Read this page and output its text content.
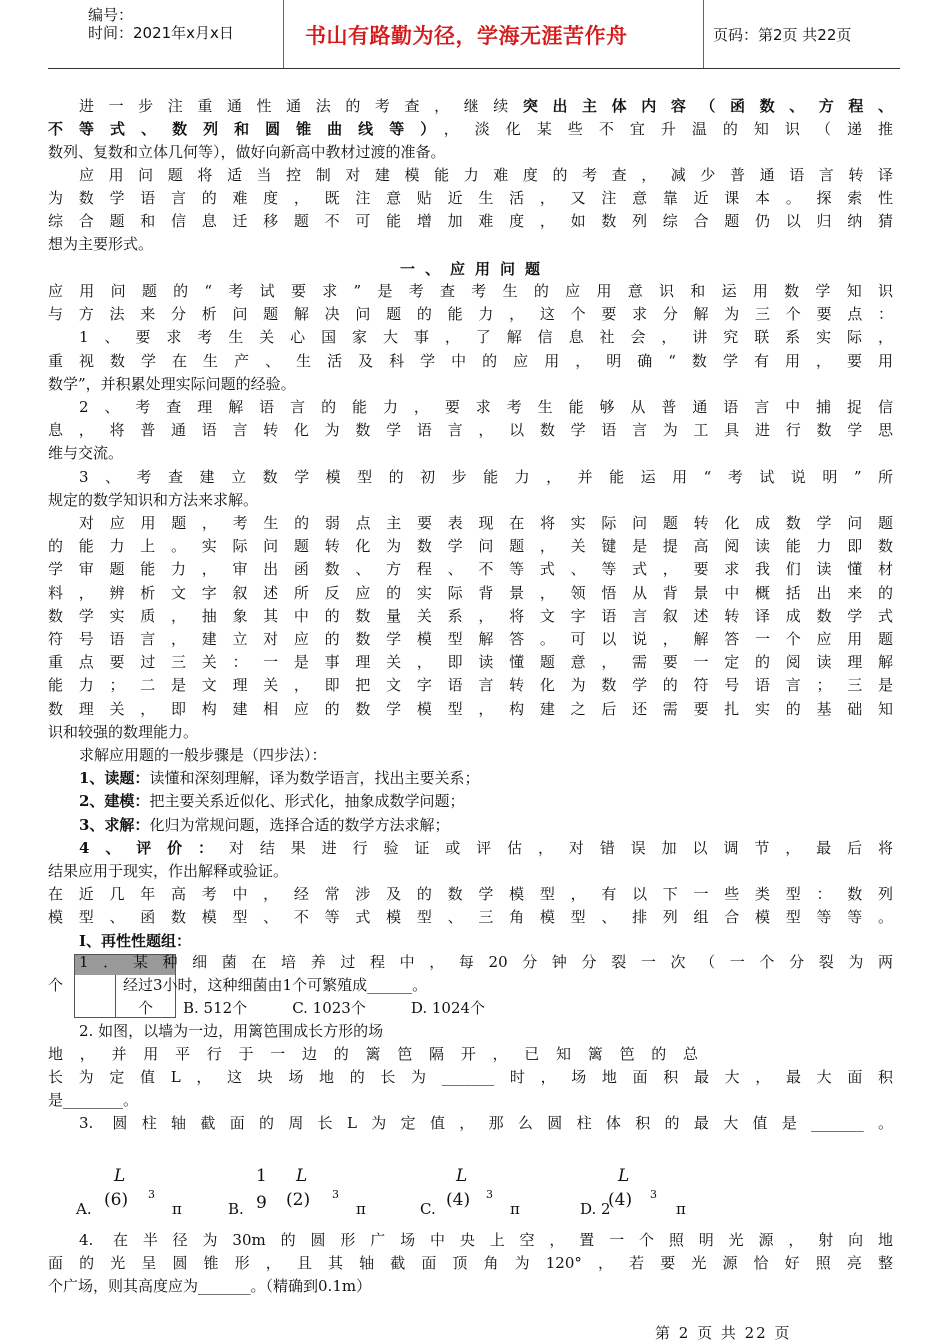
编号：
时间：2021年x月x日	书山有路勤为径，学海无涯苦作舟	页码：第2页 共22页
进一步注重通性通法的考查，继续突出主体内容（函数、方程、
不等式、数列和圆锥曲线等），淡化某些不宜升温的知识（递推
数列、复数和立体几何等），做好向新高中教材过渡的准备。
应用问题将适当控制对建模能力难度的考查，减少普通语言转译
为数学语言的难度，既注意贴近生活，又注意靠近课本。探索性
综合题和信息迁移题不可能增加难度，如数列综合题仍以归纳猜
想为主要形式。
一、应用问题
应用问题的“考试要求”是考查考生的应用意识和运用数学知识
与方法来分析问题解决问题的能力，这个要求分解为三个要点：
1、要求考生关心国家大事，了解信息社会，讲究联系实际，
重视数学在生产、生活及科学中的应用，明确“数学有用，要用
数学”，并积累处理实际问题的经验。
2、考查理解语言的能力，要求考生能够从普通语言中捕捉信
息，将普通语言转化为数学语言，以数学语言为工具进行数学思
维与交流。
3、考查建立数学模型的初步能力，并能运用“考试说明”所
规定的数学知识和方法来求解。
对应用题，考生的弱点主要表现在将实际问题转化成数学问题
的能力上。实际问题转化为数学问题，关键是提高阅读能力即数
学审题能力，审出函数、方程、不等式、等式，要求我们读懂材
料，辨析文字叙述所反应的实际背景，领悟从背景中概括出来的
数学实质，抽象其中的数量关系，将文字语言叙述转译成数学式
符号语言，建立对应的数学模型解答。可以说，解答一个应用题
重点要过三关：一是事理关，即读懂题意，需要一定的阅读理解
能力；二是文理关，即把文字语言转化为数学的符号语言；三是
数理关，即构建相应的数学模型，构建之后还需要扎实的基础知
识和较强的数理能力。
求解应用题的一般步骤是（四步法）：
1、读题：读懂和深刻理解，译为数学语言，找出主要关系；
2、建模：把主要关系近似化、形式化，抽象成数学问题；
3、求解：化归为常规问题，选择合适的数学方法求解；
4、评价：对结果进行验证或评估，对错误加以调节，最后将
结果应用于现实，作出解释或验证。
在近几年高考中，经常涉及的数学模型，有以下一些类型：数列
模型、函数模型、不等式模型、三角模型、排列组合模型等等。
Ⅰ、再性性题组：
1．某种细菌在培养过程中，每20分钟分裂一次（一个分裂为两
个　　　　经过3小时，这种细菌由1个可繁殖成______。
　　　　　　个　　B. 512个　　　C. 1023个　　　D. 1024个
2. 如图，以墙为一边，用篱笆围成长方形的场
地，并用平行于一边的篱笆隔开，已知篱笆的总
长为定值L，这块场地的长为_______时，场地面积最大，最大面积
是________。
3. 圆柱轴截面的周长L为定值，那么圆柱体积的最大值是_______。
A.
L
(6) 3
π	B.
1
9
L
(2) 3
π	C.
L
(4) 3
π	D. 2
L
(4) 3
π
4. 在半径为30m的圆形广场中央上空，置一个照明光源，射向地
面的光呈圆锥形，且其轴截面顶角为120°，若要光源恰好照亮整
个广场，则其高度应为_______。（精确到0.1m）
第 2 页 共 22 页
